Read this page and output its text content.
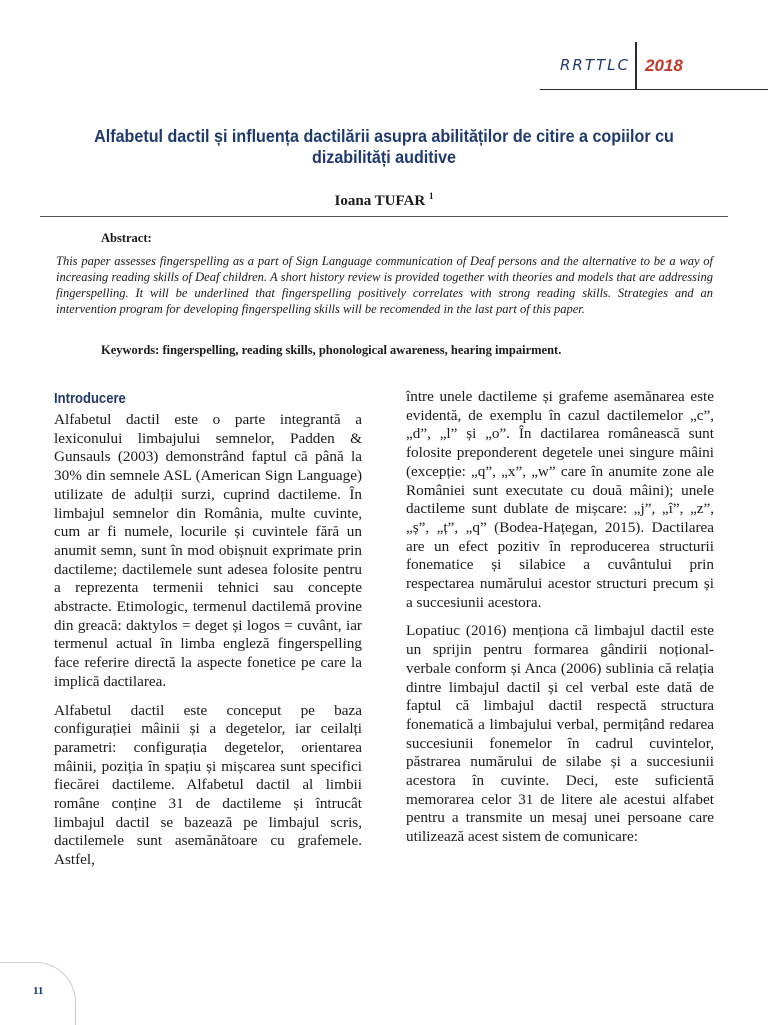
RRTTLC 2018
Alfabetul dactil și influența dactilării asupra abilităților de citire a copiilor cu dizabilități auditive
Ioana TUFAR $^1$
Abstract:
This paper assesses fingerspelling as a part of Sign Language communication of Deaf persons and the alternative to be a way of increasing reading skills of Deaf children. A short history review is provided together with theories and models that are addressing fingerspelling. It will be underlined that fingerspelling positively correlates with strong reading skills. Strategies and an intervention program for developing fingerspelling skills will be recomended in the last part of this paper.
Keywords: fingerspelling, reading skills, phonological awareness, hearing impairment.
Introducere

Alfabetul dactil este o parte integrantă a lexiconului limbajului semnelor, Padden & Gunsauls (2003) demonstrând faptul că până la 30% din semnele ASL (American Sign Language) utilizate de adulții surzi, cuprind dactileme. În limbajul semnelor din România, multe cuvinte, cum ar fi numele, locurile și cuvintele fără un anumit semn, sunt în mod obișnuit exprimate prin dactileme; dactilemele sunt adesea folosite pentru a reprezenta termenii tehnici sau concepte abstracte. Etimologic, termenul dactilemă provine din greacă: daktylos = deget și logos = cuvânt, iar termenul actual în limba engleză fingerspelling face referire directă la aspecte fonetice pe care la implică dactilarea.

Alfabetul dactil este conceput pe baza configurației mâinii și a degetelor, iar ceilalți parametri: configurația degetelor, orientarea mâinii, poziția în spațiu și mișcarea sunt specifici fiecărei dactileme. Alfabetul dactil al limbii române conține 31 de dactileme și întrucât limbajul dactil se bazează pe limbajul scris, dactilemele sunt asemănătoare cu grafemele. Astfel,

între unele dactileme și grafeme asemănarea este evidentă, de exemplu în cazul dactilemelor „c”, „d”, „l” și „o”. În dactilarea românească sunt folosite preponderent degetele unei singure mâini (excepție: „q”, „x”, „w” care în anumite zone ale României sunt executate cu două mâini); unele dactileme sunt dublate de mișcare: „j”, „î”, „z”, „ș”, „ț”, „q” (Bodea-Hațegan, 2015). Dactilarea are un efect pozitiv în reproducerea structurii fonematice și silabice a cuvântului prin respectarea numărului acestor structuri precum și a succesiunii acestora.

Lopatiuc (2016) menționa că limbajul dactil este un sprijin pentru formarea gândirii noțional-verbale conform și Anca (2006) sublinia că relația dintre limbajul dactil și cel verbal este dată de faptul că limbajul dactil respectă structura fonematică a limbajului verbal, permițând redarea succesiunii fonemelor în cadrul cuvintelor, păstrarea numărului de silabe și a succesiunii acestora în cuvinte. Deci, este suficientă memorarea celor 31 de litere ale acestui alfabet pentru a transmite un mesaj unei persoane care utilizează acest sistem de comunicare:

11
